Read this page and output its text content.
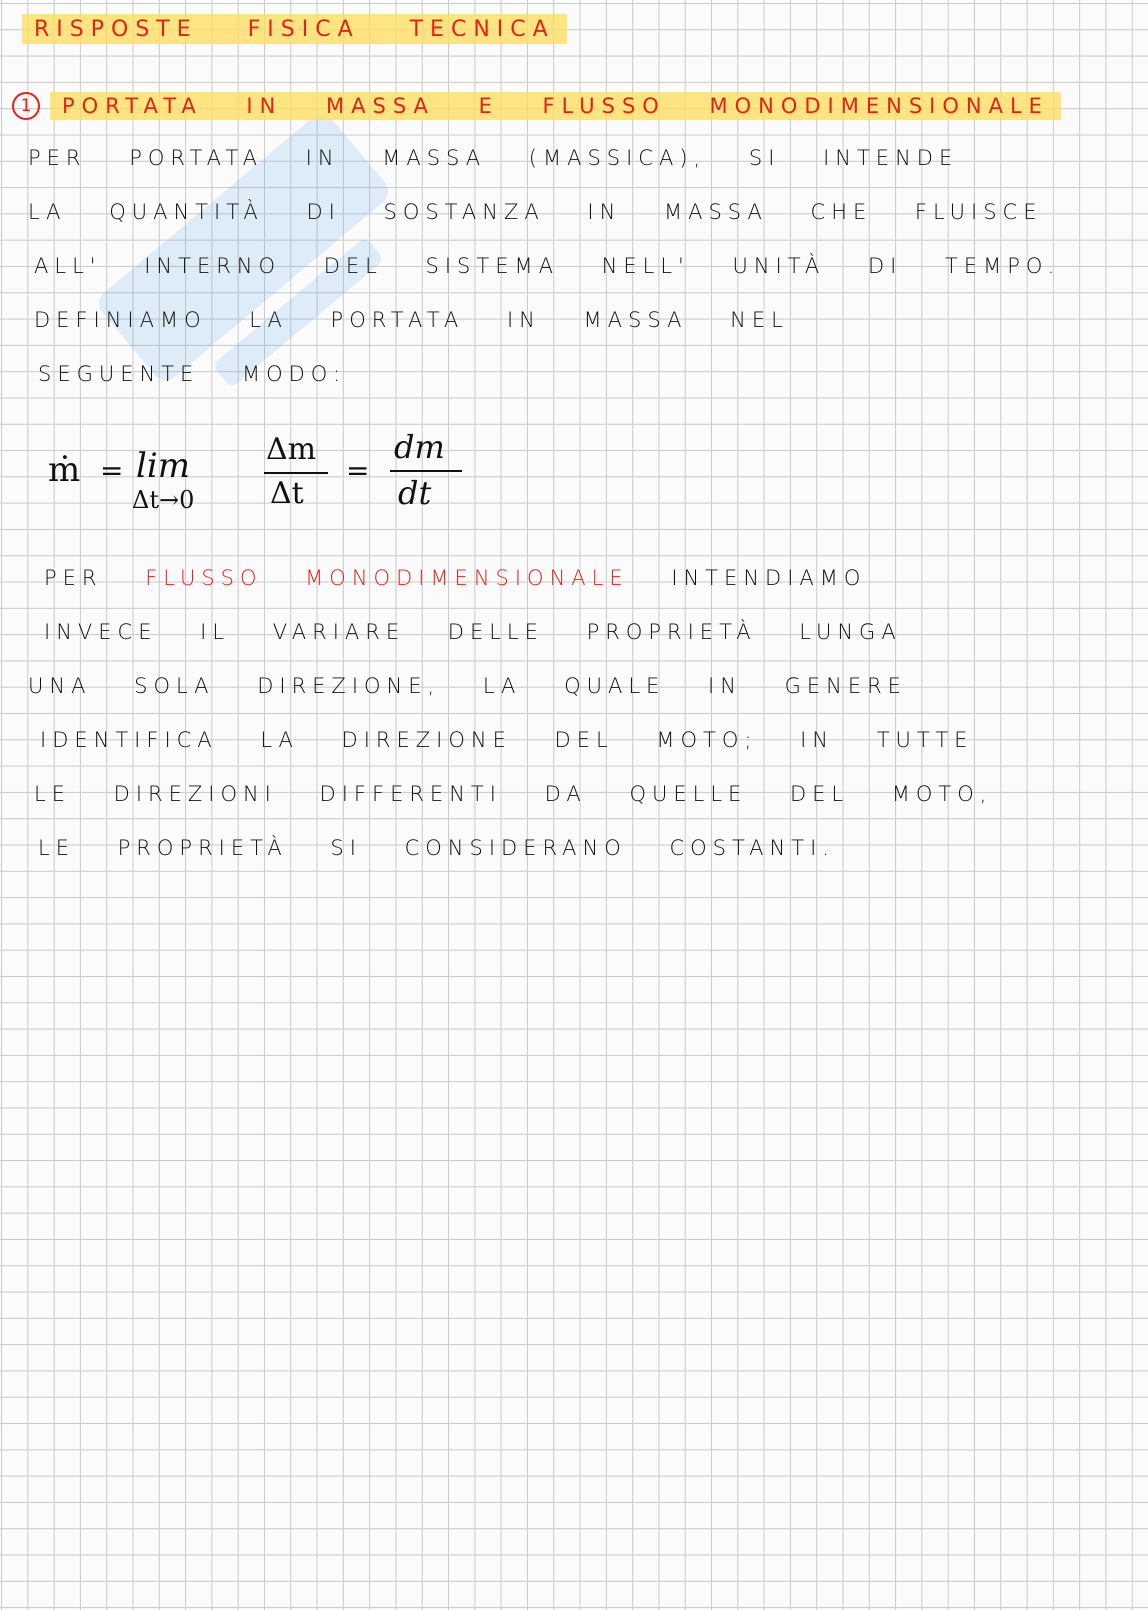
RISPOSTE FISICA TECNICA
1	PORTATA IN MASSA E FLUSSO MONODIMENSIONALE
PER PORTATA IN MASSA (MASSICA), SI INTENDE
LA QUANTITÀ DI SOSTANZA IN MASSA CHE FLUISCE
ALL' INTERNO DEL SISTEMA NELL' UNITÀ DI TEMPO.
DEFINIAMO LA PORTATA IN MASSA NEL
SEGUENTE MODO:
ṁ = lim
Δt→0
Δm
Δt
=
dm
dt
PER FLUSSO MONODIMENSIONALE INTENDIAMO
INVECE IL VARIARE DELLE PROPRIETÀ LUNGA
UNA SOLA DIREZIONE, LA QUALE IN GENERE
IDENTIFICA LA DIREZIONE DEL MOTO; IN TUTTE
LE DIREZIONI DIFFERENTI DA QUELLE DEL MOTO,
LE PROPRIETÀ SI CONSIDERANO COSTANTI.
